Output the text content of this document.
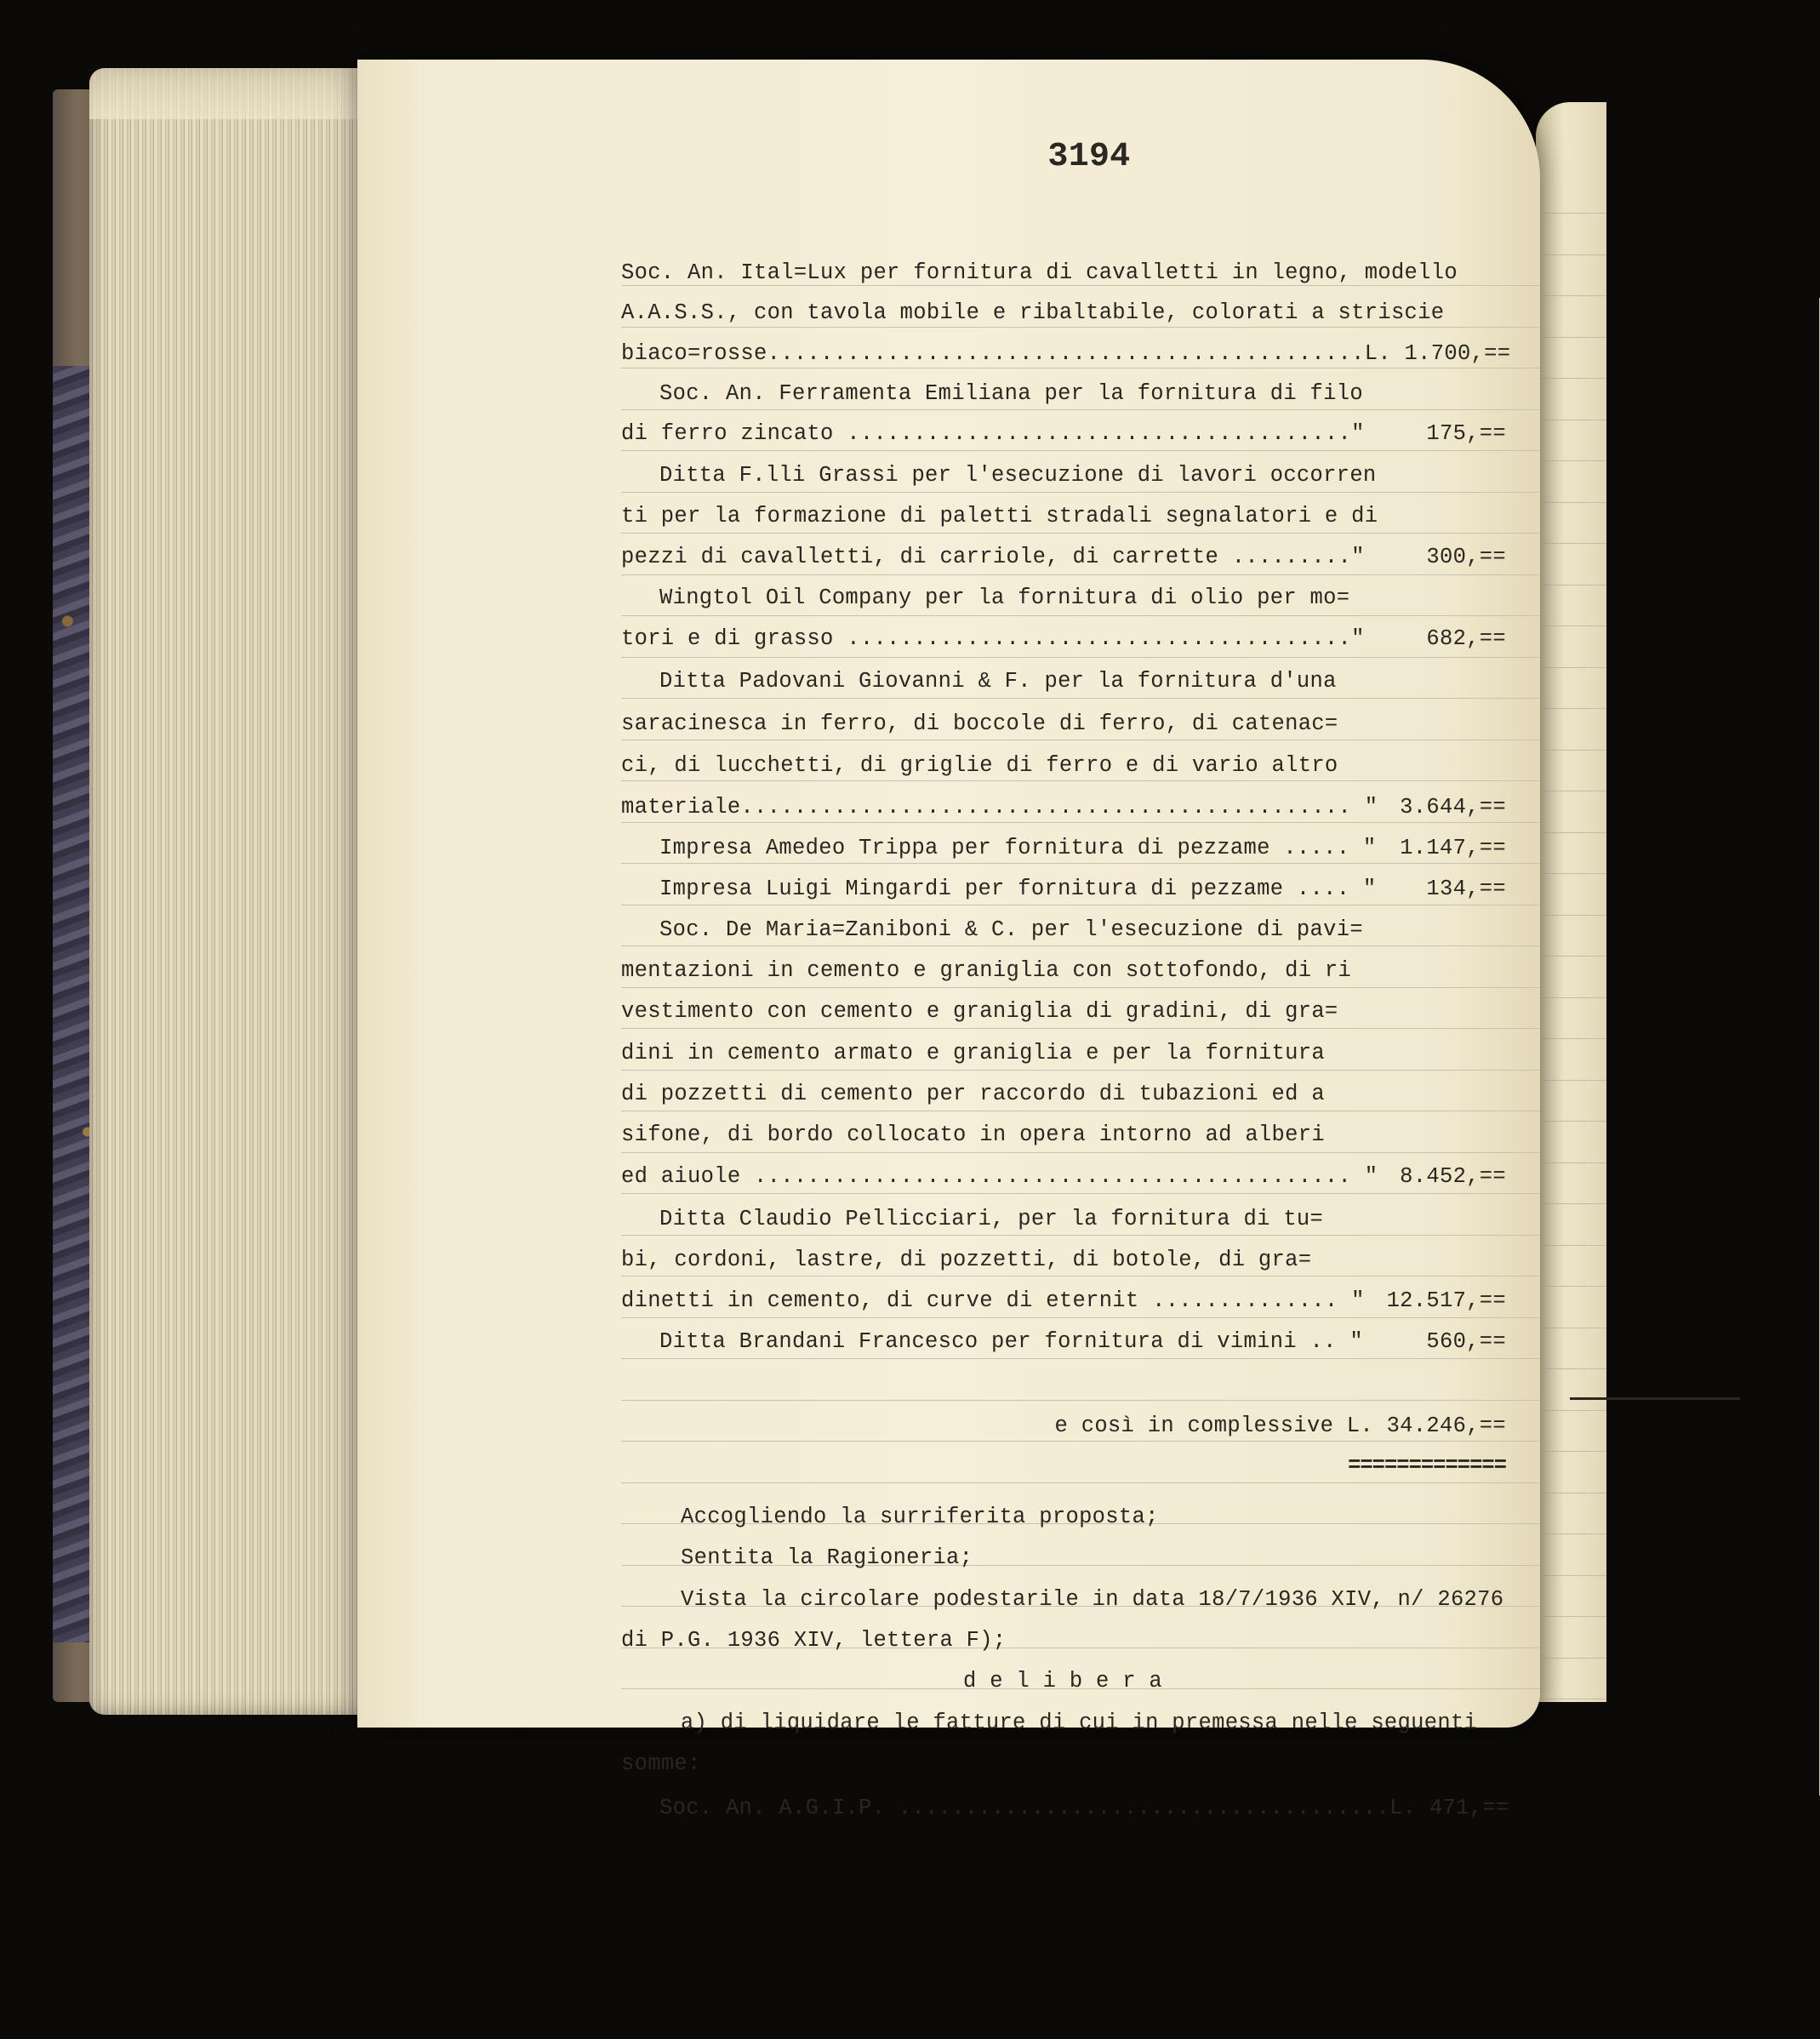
3194
Soc. An. Ital=Lux per fornitura di cavalletti in legno, modello
A.A.S.S., con tavola mobile e ribaltabile, colorati a striscie
biaco=rosse.............................................L. 1.700,==
Soc. An. Ferramenta Emiliana per la fornitura di filo
di ferro zincato ......................................"	175,==
Ditta F.lli Grassi per l'esecuzione di lavori occorren
ti per la formazione di paletti stradali segnalatori e di
pezzi di cavalletti, di carriole, di carrette ........."	300,==
Wingtol Oil Company per la fornitura di olio per mo=
tori e di grasso ......................................"	682,==
Ditta Padovani Giovanni & F. per la fornitura d'una
saracinesca in ferro, di boccole di ferro, di catenac=
ci, di lucchetti, di griglie di ferro e di vario altro
materiale.............................................. " 3.644,==
Impresa Amedeo Trippa per fornitura di pezzame ..... " 1.147,==
Impresa Luigi Mingardi per fornitura di pezzame .... " 134,==
Soc. De Maria=Zaniboni & C. per l'esecuzione di pavi=
mentazioni in cemento e graniglia con sottofondo, di ri
vestimento con cemento e graniglia di gradini, di gra=
dini in cemento armato e graniglia e per la fornitura
di pozzetti di cemento per raccordo di tubazioni ed a
sifone, di bordo collocato in opera intorno ad alberi
ed aiuole ............................................. " 8.452,==
Ditta Claudio Pellicciari, per la fornitura di tu=
bi, cordoni, lastre, di pozzetti, di botole, di gra=
dinetti in cemento, di curve di eternit .............. " 12.517,==
Ditta Brandani Francesco per fornitura di vimini .. "	560,==
e così in complessive L. 34.246,==
=============
Accogliendo la surriferita proposta;
Sentita la Ragioneria;
Vista la circolare podestarile in data 18/7/1936 XIV, n/ 26276
di P.G. 1936 XIV, lettera F);
d e l i b e r a
a) di liquidare le fatture di cui in premessa nelle seguenti
somme:
Soc. An. A.G.I.P. .....................................L. 471,==
